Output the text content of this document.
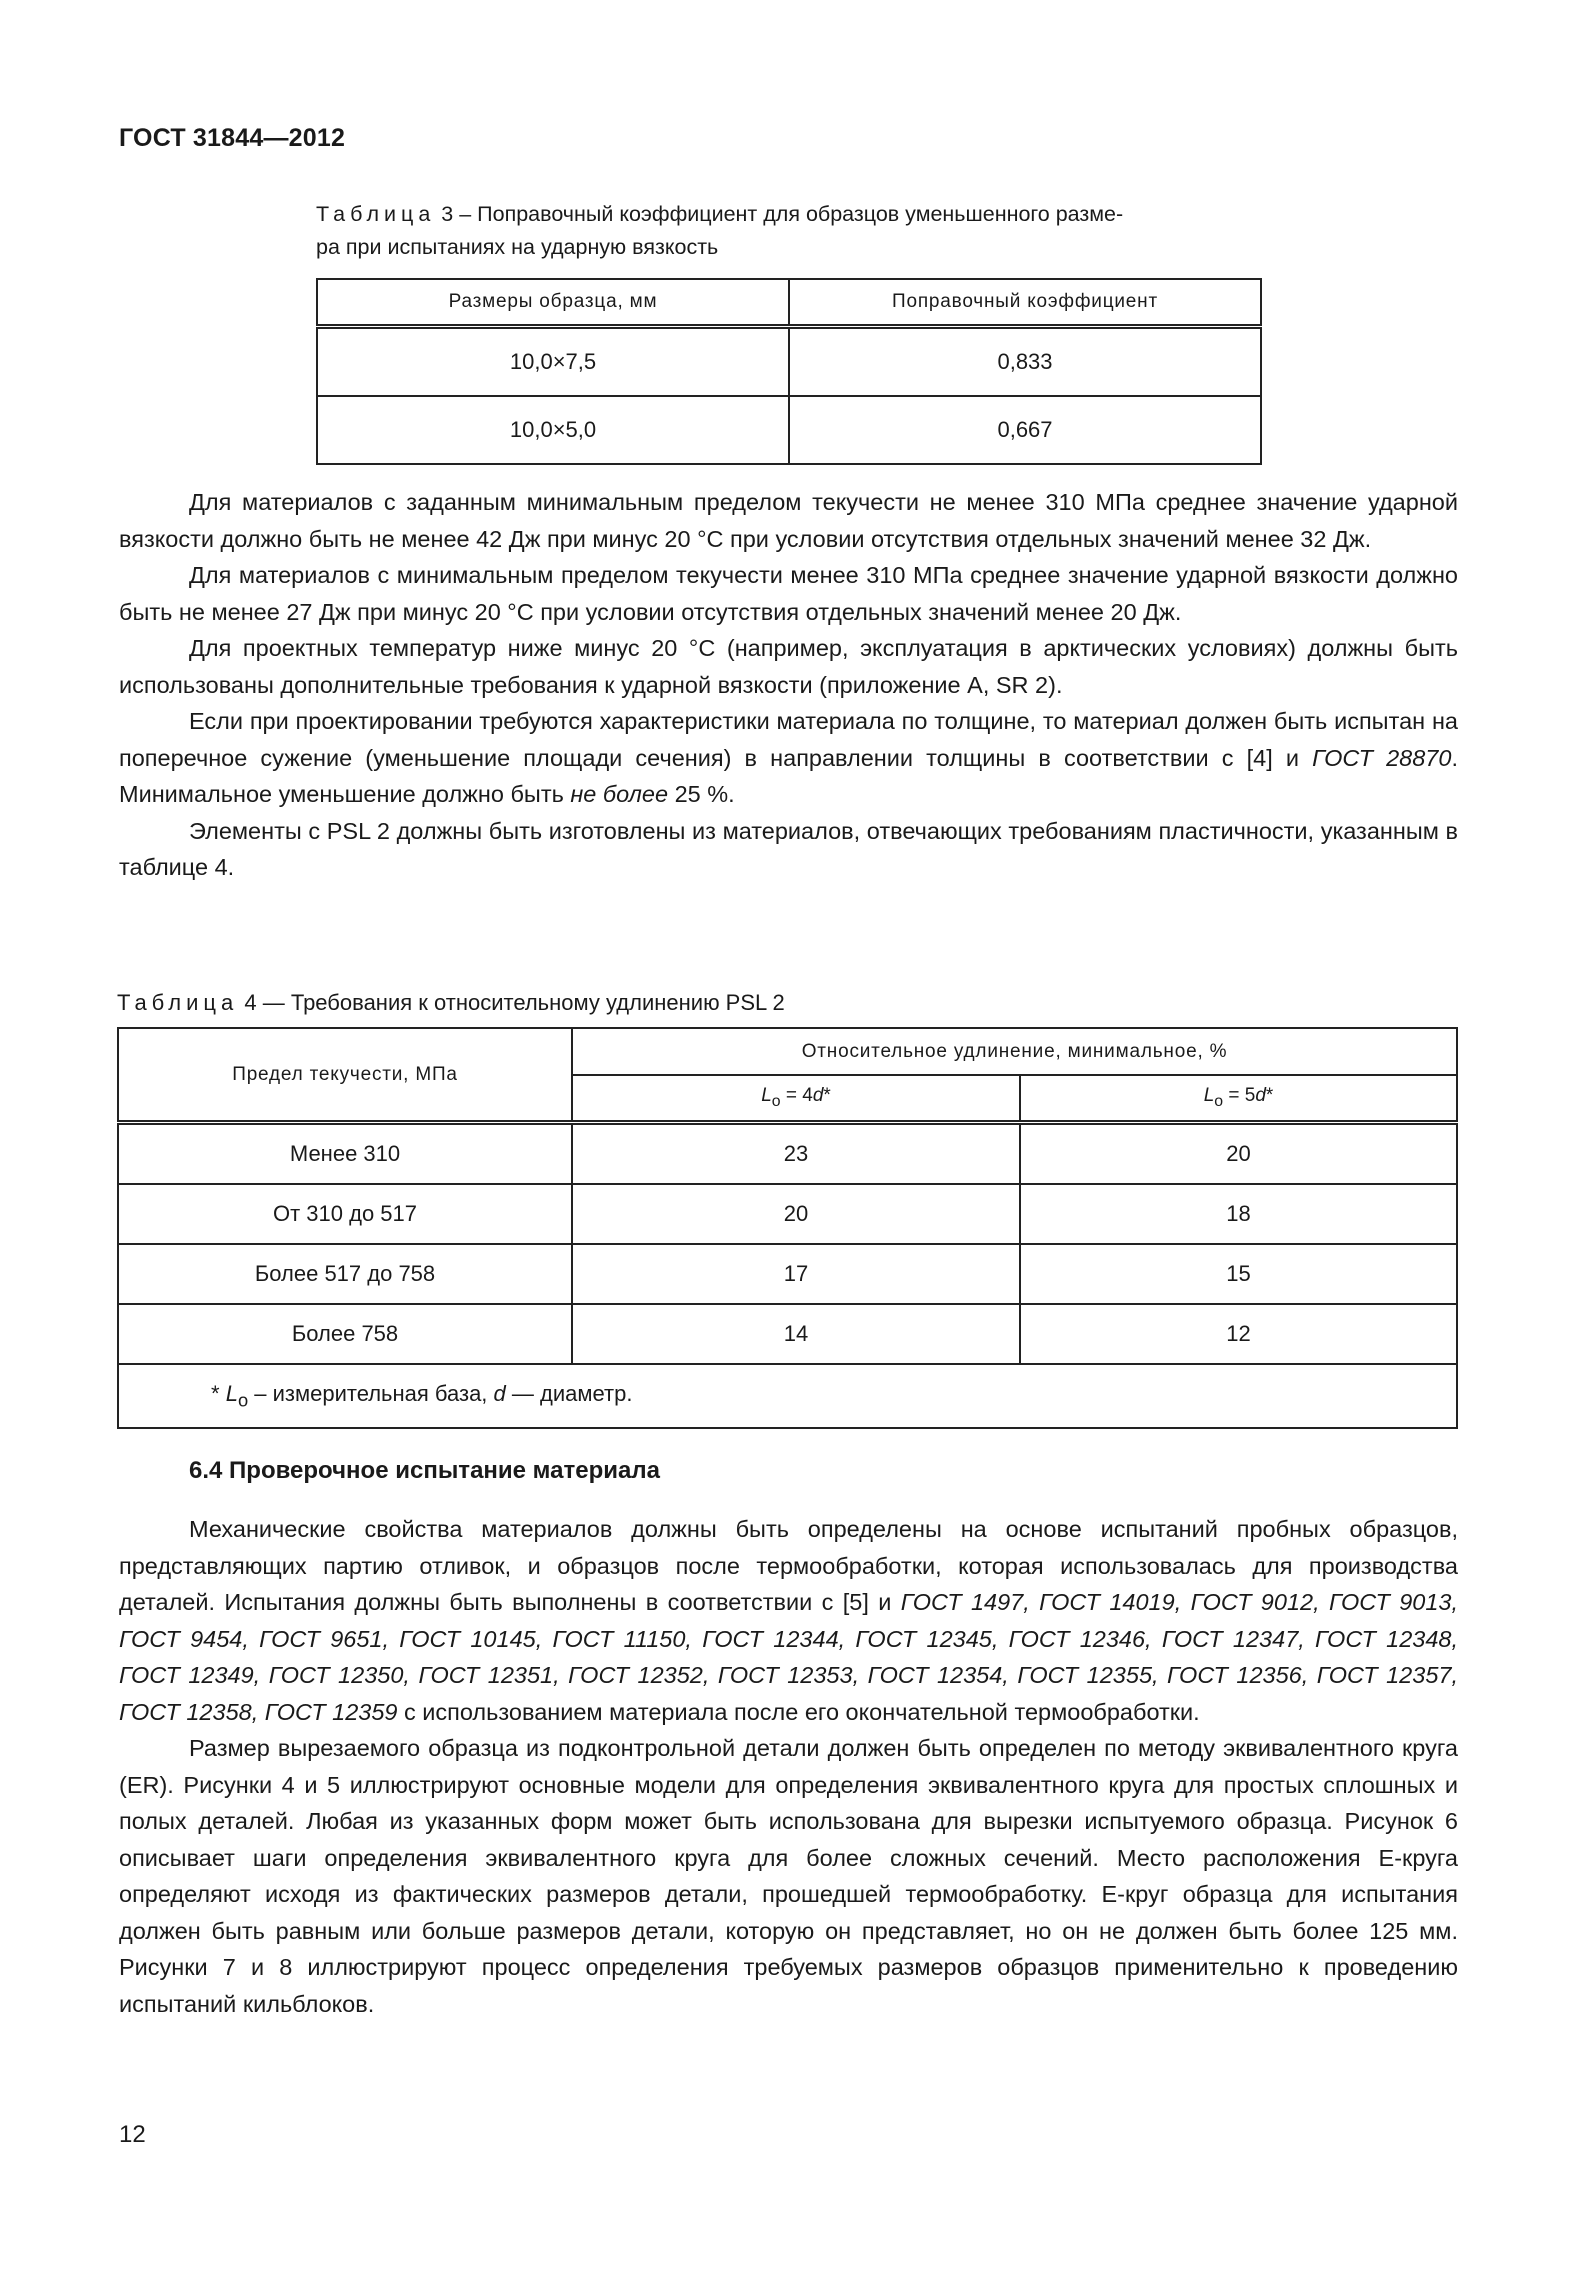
ГОСТ 31844—2012
Таблица 3 – Поправочный коэффициент для образцов уменьшенного разме-
ра при испытаниях на ударную вязкость
Размеры образца, мм	Поправочный коэффициент
10,0×7,5	0,833
10,0×5,0	0,667

Для материалов с заданным минимальным пределом текучести не менее 310 МПа среднее значение ударной вязкости должно быть не менее 42 Дж при минус 20 °С при условии отсутствия отдельных значений менее 32 Дж.

Для материалов с минимальным пределом текучести менее 310 МПа среднее значение ударной вязкости должно быть не менее 27 Дж при минус 20 °С при условии отсутствия отдельных значений менее 20 Дж.

Для проектных температур ниже минус 20 °С (например, эксплуатация в арктических условиях) должны быть использованы дополнительные требования к ударной вязкости (приложение А, SR 2).

Если при проектировании требуются характеристики материала по толщине, то материал должен быть испытан на поперечное сужение (уменьшение площади сечения) в направлении толщины в соответствии с [4] и ГОСТ 28870. Минимальное уменьшение должно быть не более 25 %.

Элементы с PSL 2 должны быть изготовлены из материалов, отвечающих требованиям пластичности, указанным в таблице 4.

Таблица 4 — Требования к относительному удлинению PSL 2
Предел текучести, МПа	Относительное удлинение, минимальное, %	
	$L_o = 4d*$	$L_o = 5d*$
Менее 310	23	20
От 310 до 517	20	18
Более 517 до 758	17	15
Более 758	14	12
* $L_o$ – измерительная база, d — диаметр.		
6.4 Проверочное испытание материала

Механические свойства материалов должны быть определены на основе испытаний пробных образцов, представляющих партию отливок, и образцов после термообработки, которая использовалась для производства деталей. Испытания должны быть выполнены в соответствии с [5] и ГОСТ 1497, ГОСТ 14019, ГОСТ 9012, ГОСТ 9013, ГОСТ 9454, ГОСТ 9651, ГОСТ 10145, ГОСТ 11150, ГОСТ 12344, ГОСТ 12345, ГОСТ 12346, ГОСТ 12347, ГОСТ 12348, ГОСТ 12349, ГОСТ 12350, ГОСТ 12351, ГОСТ 12352, ГОСТ 12353, ГОСТ 12354, ГОСТ 12355, ГОСТ 12356, ГОСТ 12357, ГОСТ 12358, ГОСТ 12359 с использованием материала после его окончательной термообработки.

Размер вырезаемого образца из подконтрольной детали должен быть определен по методу эквивалентного круга (ER). Рисунки 4 и 5 иллюстрируют основные модели для определения эквивалентного круга для простых сплошных и полых деталей. Любая из указанных форм может быть использована для вырезки испытуемого образца. Рисунок 6 описывает шаги определения эквивалентного круга для более сложных сечений. Место расположения Е-круга определяют исходя из фактических размеров детали, прошедшей термообработку. Е-круг образца для испытания должен быть равным или больше размеров детали, которую он представляет, но он не должен быть более 125 мм. Рисунки 7 и 8 иллюстрируют процесс определения требуемых размеров образцов применительно к проведению испытаний кильблоков.

12
